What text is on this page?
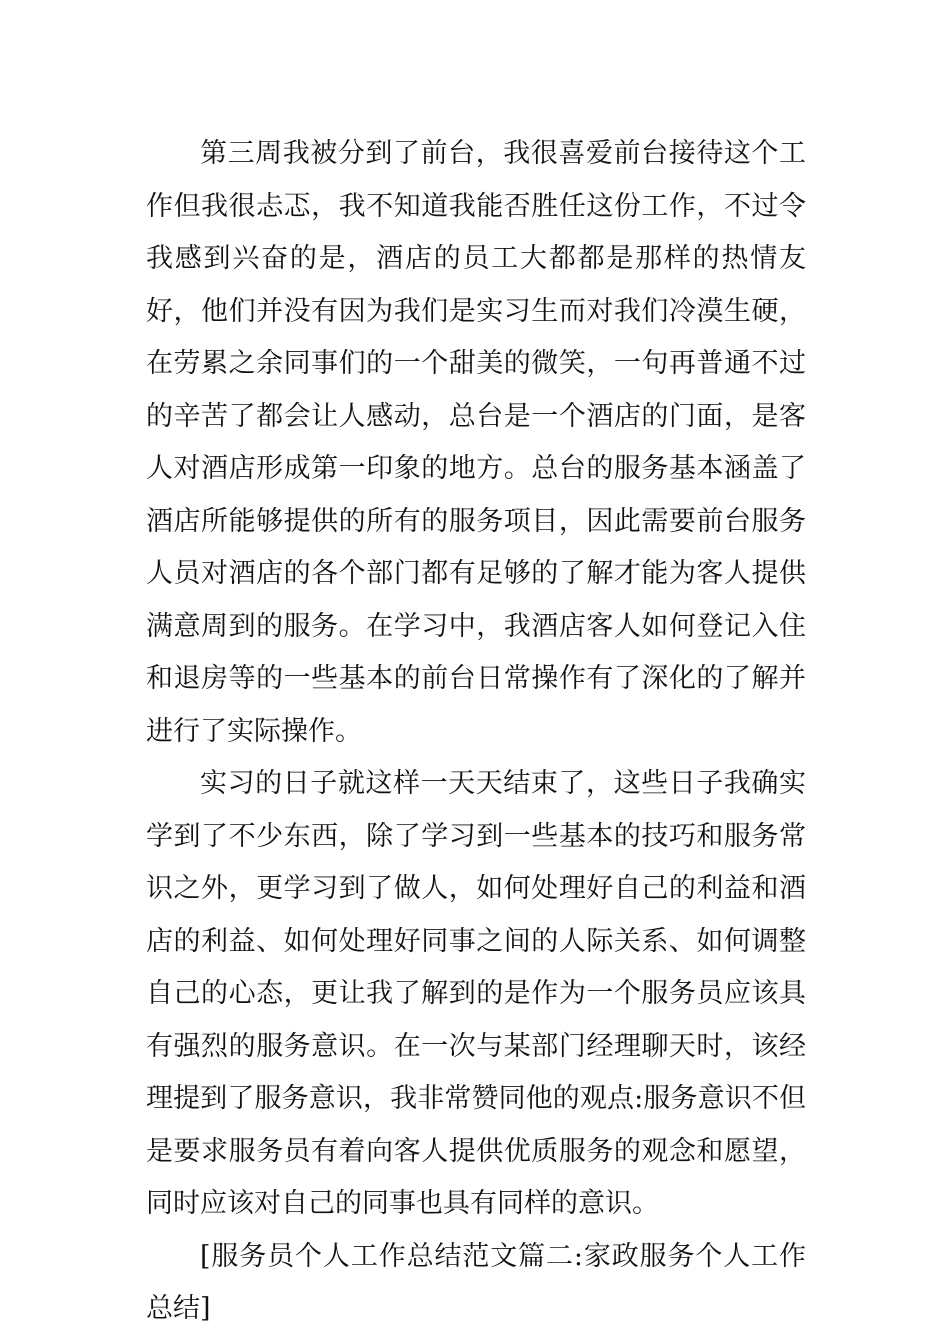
第三周我被分到了前台，我很喜爱前台接待这个工作但我很忐忑，我不知道我能否胜任这份工作，不过令我感到兴奋的是，酒店的员工大都都是那样的热情友好，他们并没有因为我们是实习生而对我们冷漠生硬，在劳累之余同事们的一个甜美的微笑，一句再普通不过的辛苦了都会让人感动，总台是一个酒店的门面，是客人对酒店形成第一印象的地方。总台的服务基本涵盖了酒店所能够提供的所有的服务项目，因此需要前台服务人员对酒店的各个部门都有足够的了解才能为客人提供满意周到的服务。在学习中，我酒店客人如何登记入住和退房等的一些基本的前台日常操作有了深化的了解并进行了实际操作。

实习的日子就这样一天天结束了，这些日子我确实学到了不少东西，除了学习到一些基本的技巧和服务常识之外，更学习到了做人，如何处理好自己的利益和酒店的利益、如何处理好同事之间的人际关系、如何调整自己的心态，更让我了解到的是作为一个服务员应该具有强烈的服务意识。在一次与某部门经理聊天时，该经理提到了服务意识，我非常赞同他的观点:服务意识不但是要求服务员有着向客人提供优质服务的观念和愿望，同时应该对自己的同事也具有同样的意识。

[服务员个人工作总结范文篇二:家政服务个人工作总结]
